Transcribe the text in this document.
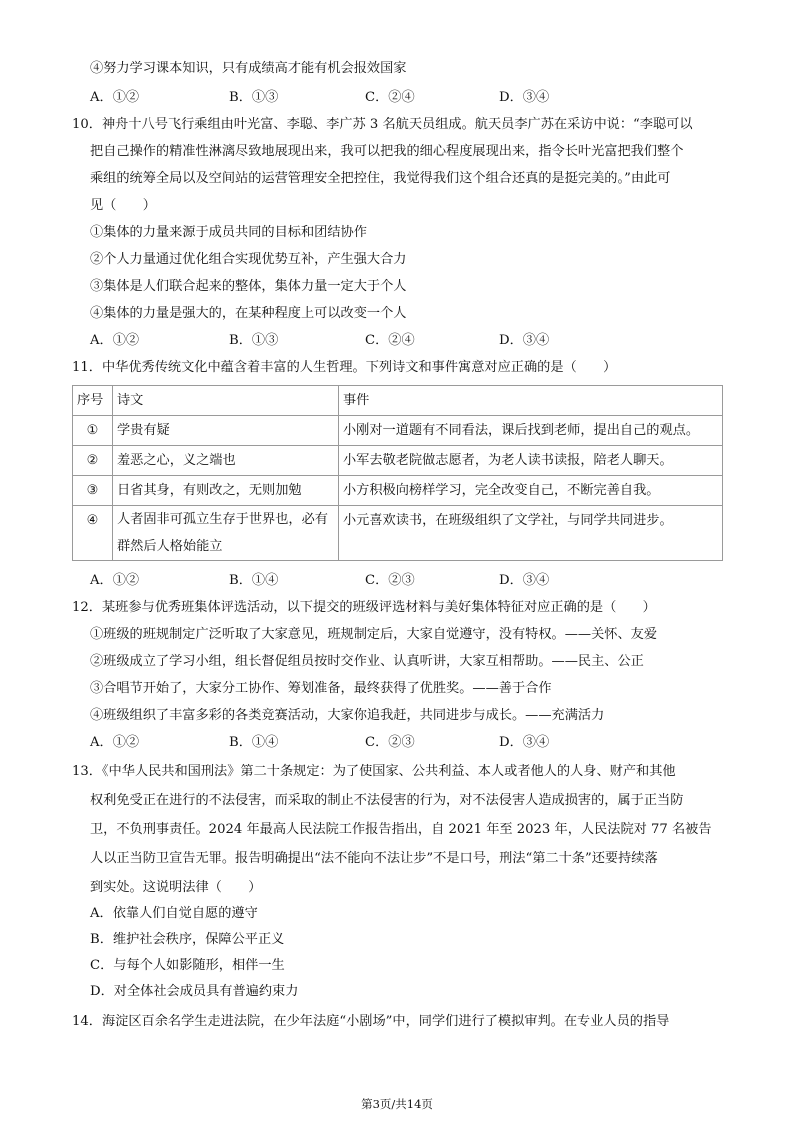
④努力学习课本知识，只有成绩高才能有机会报效国家
A．①②	B．①③	C．②④	D．③④
10．神舟十八号飞行乘组由叶光富、李聪、李广苏 3 名航天员组成。航天员李广苏在采访中说：“李聪可以
把自己操作的精准性淋漓尽致地展现出来，我可以把我的细心程度展现出来，指令长叶光富把我们整个
乘组的统筹全局以及空间站的运营管理安全把控住，我觉得我们这个组合还真的是挺完美的。”由此可
见（　　）
①集体的力量来源于成员共同的目标和团结协作
②个人力量通过优化组合实现优势互补，产生强大合力
③集体是人们联合起来的整体，集体力量一定大于个人
④集体的力量是强大的，在某种程度上可以改变一个人
A．①②	B．①③	C．②④	D．③④
11．中华优秀传统文化中蕴含着丰富的人生哲理。下列诗文和事件寓意对应正确的是（　　）
序号	诗文	事件
①	学贵有疑	小刚对一道题有不同看法，课后找到老师，提出自己的观点。
②	羞恶之心，义之端也	小军去敬老院做志愿者，为老人读书读报，陪老人聊天。
③	日省其身，有则改之，无则加勉	小方积极向榜样学习，完全改变自己，不断完善自我。
④	人者固非可孤立生存于世界也，必有群然后人格始能立	小元喜欢读书，在班级组织了文学社，与同学共同进步。
A．①②	B．①④	C．②③	D．③④
12．某班参与优秀班集体评选活动，以下提交的班级评选材料与美好集体特征对应正确的是（　　）
①班级的班规制定广泛听取了大家意见，班规制定后，大家自觉遵守，没有特权。——关怀、友爱
②班级成立了学习小组，组长督促组员按时交作业、认真听讲，大家互相帮助。——民主、公正
③合唱节开始了，大家分工协作、筹划准备，最终获得了优胜奖。——善于合作
④班级组织了丰富多彩的各类竞赛活动，大家你追我赶，共同进步与成长。——充满活力
A．①②	B．①④	C．②③	D．③④
13．《中华人民共和国刑法》第二十条规定：为了使国家、公共利益、本人或者他人的人身、财产和其他
权利免受正在进行的不法侵害，而采取的制止不法侵害的行为，对不法侵害人造成损害的，属于正当防
卫，不负刑事责任。2024 年最高人民法院工作报告指出，自 2021 年至 2023 年，人民法院对 77 名被告
人以正当防卫宣告无罪。报告明确提出“法不能向不法让步”不是口号，刑法“第二十条”还要持续落
到实处。这说明法律（　　）
A．依靠人们自觉自愿的遵守
B．维护社会秩序，保障公平正义
C．与每个人如影随形，相伴一生
D．对全体社会成员具有普遍约束力
14．海淀区百余名学生走进法院，在少年法庭“小剧场”中，同学们进行了模拟审判。在专业人员的指导
第3页/共14页
